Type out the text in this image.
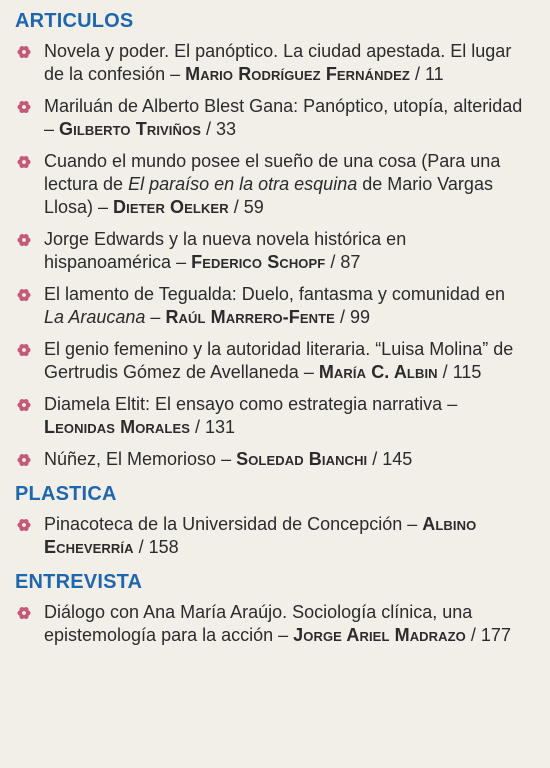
ARTICULOS
Novela y poder. El panóptico. La ciudad apestada. El lugar de la confesión – Mario Rodríguez Fernández / 11
Mariluán de Alberto Blest Gana: Panóptico, utopía, alteridad – Gilberto Triviños / 33
Cuando el mundo posee el sueño de una cosa (Para una lectura de El paraíso en la otra esquina de Mario Vargas Llosa) – Dieter Oelker / 59
Jorge Edwards y la nueva novela histórica en hispanoamérica – Federico Schopf / 87
El lamento de Tegualda: Duelo, fantasma y comunidad en La Araucana – Raúl Marrero-Fente / 99
El genio femenino y la autoridad literaria. “Luisa Molina” de Gertrudis Gómez de Avellaneda – María C. Albin / 115
Diamela Eltit: El ensayo como estrategia narrativa – Leonidas Morales / 131
Núñez, El Memorioso – Soledad Bianchi / 145
PLASTICA
Pinacoteca de la Universidad de Concepción – Albino Echeverría / 158
ENTREVISTA
Diálogo con Ana María Araújo. Sociología clínica, una epistemología para la acción – Jorge Ariel Madrazo / 177
